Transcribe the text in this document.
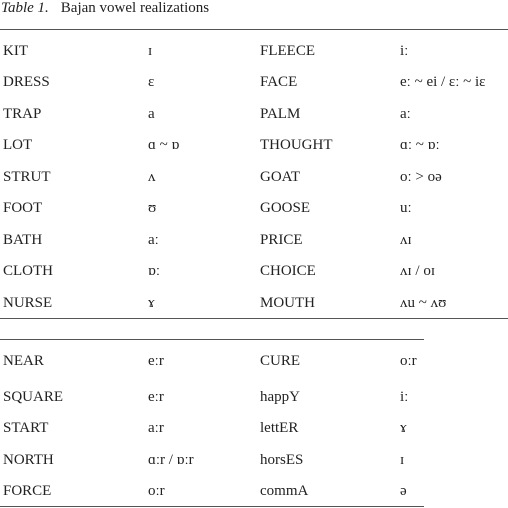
Table 1. Bajan vowel realizations
KIT	ɪ	FLEECE	iː
DRESS	ɛ	FACE	eː ~ ei / ɛː ~ iɛ
TRAP	a	PALM	aː
LOT	ɑ ~ ɒ	THOUGHT	ɑː ~ ɒː
STRUT	ʌ	GOAT	oː > oə
FOOT	ʊ	GOOSE	uː
BATH	aː	PRICE	ʌɪ
CLOTH	ɒː	CHOICE	ʌɪ / oɪ
NURSE	ɤ	MOUTH	ʌu ~ ʌʊ
NEAR	eːr	CURE	oːr
SQUARE	eːr	happY	iː
START	aːr	lettER	ɤ
NORTH	ɑːr / ɒːr	horsES	ɪ
FORCE	oːr	commA	ə
